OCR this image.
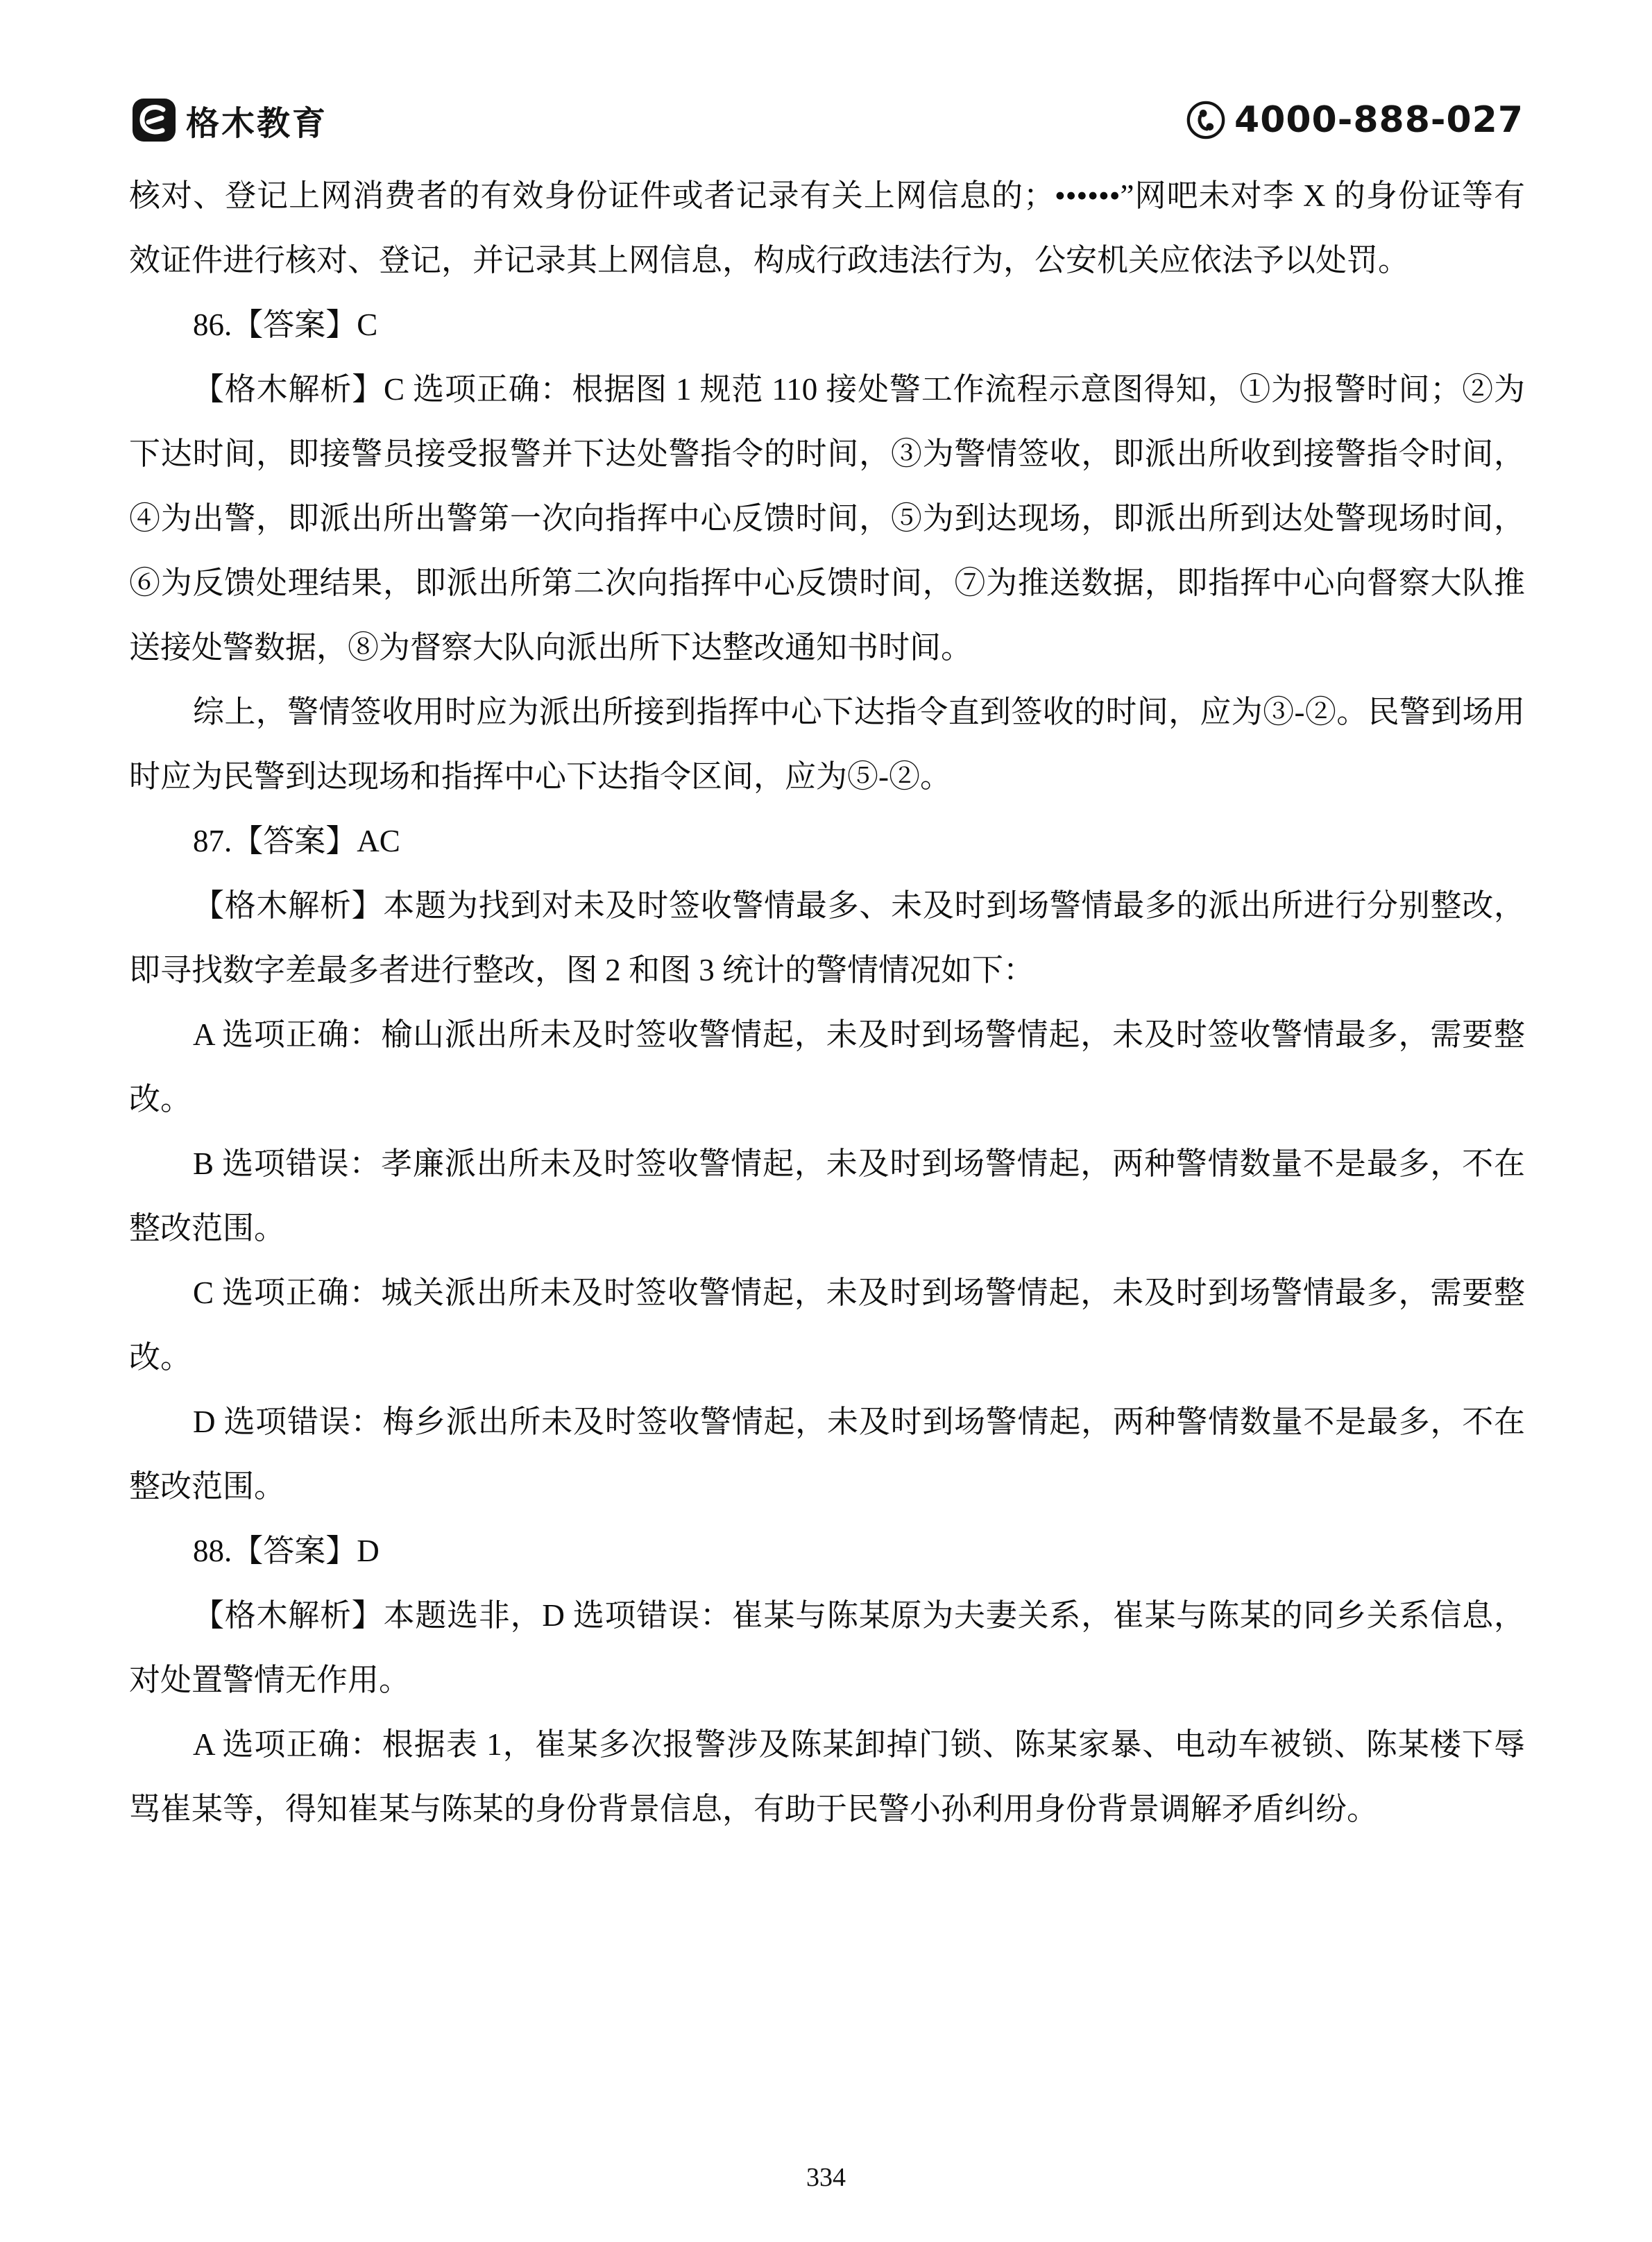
格木教育	4000-888-027

核对、登记上网消费者的有效身份证件或者记录有关上网信息的；••••••”网吧未对李 X 的身份证等有效证件进行核对、登记，并记录其上网信息，构成行政违法行为，公安机关应依法予以处罚。

86.【答案】C

【格木解析】C 选项正确：根据图 1 规范 110 接处警工作流程示意图得知，①为报警时间；②为下达时间，即接警员接受报警并下达处警指令的时间，③为警情签收，即派出所收到接警指令时间，④为出警，即派出所出警第一次向指挥中心反馈时间，⑤为到达现场，即派出所到达处警现场时间，⑥为反馈处理结果，即派出所第二次向指挥中心反馈时间，⑦为推送数据，即指挥中心向督察大队推送接处警数据，⑧为督察大队向派出所下达整改通知书时间。

综上，警情签收用时应为派出所接到指挥中心下达指令直到签收的时间，应为③-②。民警到场用时应为民警到达现场和指挥中心下达指令区间，应为⑤-②。

87.【答案】AC

【格木解析】本题为找到对未及时签收警情最多、未及时到场警情最多的派出所进行分别整改，即寻找数字差最多者进行整改，图 2 和图 3 统计的警情情况如下：

A 选项正确：榆山派出所未及时签收警情起，未及时到场警情起，未及时签收警情最多，需要整改。

B 选项错误：孝廉派出所未及时签收警情起，未及时到场警情起，两种警情数量不是最多，不在整改范围。

C 选项正确：城关派出所未及时签收警情起，未及时到场警情起，未及时到场警情最多，需要整改。

D 选项错误：梅乡派出所未及时签收警情起，未及时到场警情起，两种警情数量不是最多，不在整改范围。

88.【答案】D

【格木解析】本题选非，D 选项错误：崔某与陈某原为夫妻关系，崔某与陈某的同乡关系信息，对处置警情无作用。

A 选项正确：根据表 1，崔某多次报警涉及陈某卸掉门锁、陈某家暴、电动车被锁、陈某楼下辱骂崔某等，得知崔某与陈某的身份背景信息，有助于民警小孙利用身份背景调解矛盾纠纷。

334
